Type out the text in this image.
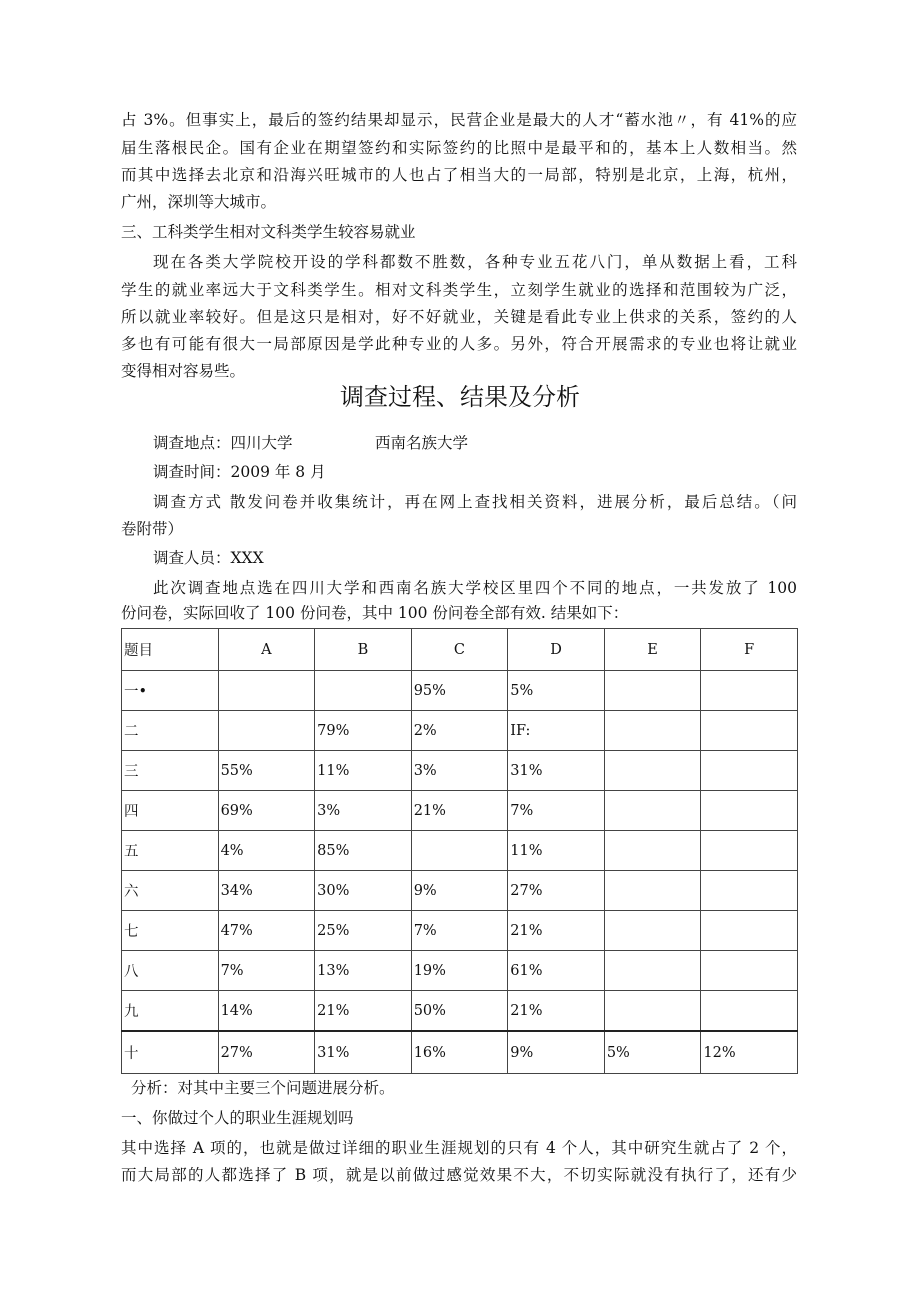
占 3%。但事实上，最后的签约结果却显示，民营企业是最大的人才“蓄水池〃，有 41%的应
届生落根民企。国有企业在期望签约和实际签约的比照中是最平和的，基本上人数相当。然
而其中选择去北京和沿海兴旺城市的人也占了相当大的一局部，特别是北京，上海，杭州，
广州，深圳等大城市。
三、工科类学生相对文科类学生较容易就业
现在各类大学院校开设的学科都数不胜数，各种专业五花八门，单从数据上看，工科
学生的就业率远大于文科类学生。相对文科类学生，立刻学生就业的选择和范围较为广泛，
所以就业率较好。但是这只是相对，好不好就业，关键是看此专业上供求的关系，签约的人
多也有可能有很大一局部原因是学此种专业的人多。另外，符合开展需求的专业也将让就业
变得相对容易些。
调查过程、结果及分析
调查地点：四川大学	西南名族大学
调查时间：2009 年 8 月
调查方式 散发问卷并收集统计，再在网上查找相关资料，进展分析，最后总结。（问
卷附带）
调查人员：XXX
此次调查地点选在四川大学和西南名族大学校区里四个不同的地点，一共发放了 100
份问卷，实际回收了 100 份问卷，其中 100 份问卷全部有效. 结果如下：
题目	A	B	C	D	E	F
一•			95%	5%		
二		79%	2%	IF:		
三	55%	11%	3%	31%		
四	69%	3%	21%	7%		
五	4%	85%		11%		
六	34%	30%	9%	27%		
七	47%	25%	7%	21%		
八	7%	13%	19%	61%		
九	14%	21%	50%	21%		
十	27%	31%	16%	9%	5%	12%
分析：对其中主要三个问题进展分析。
一、你做过个人的职业生涯规划吗
其中选择 A 项的，也就是做过详细的职业生涯规划的只有 4 个人，其中研究生就占了 2 个，
而大局部的人都选择了 B 项，就是以前做过感觉效果不大，不切实际就没有执行了，还有少
